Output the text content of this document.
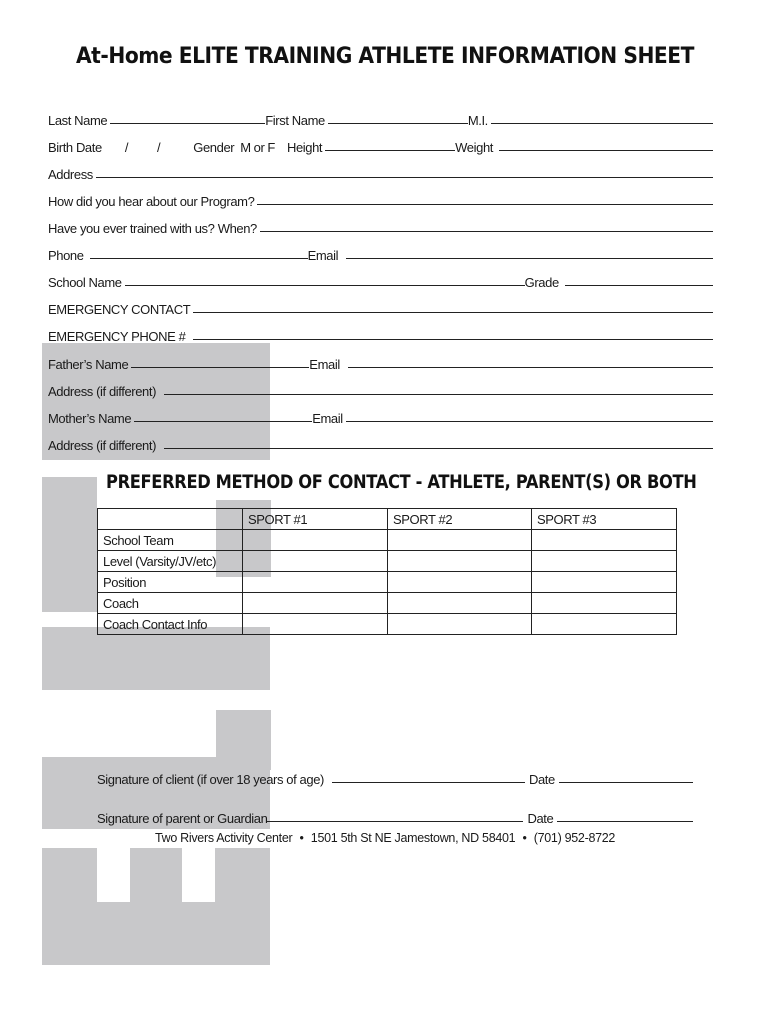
At-Home ELITE TRAINING ATHLETE INFORMATION SHEET
Last Name	First Name	M.I.
Birth Date	/	/	Gender M or F Height	Weight
Address
How did you hear about our Program?
Have you ever trained with us? When?
Phone	Email
School Name	Grade
EMERGENCY CONTACT
EMERGENCY PHONE #
Father’s Name	Email
Address (if different)
Mother’s Name	Email
Address (if different)
PREFERRED METHOD OF CONTACT - ATHLETE, PARENT(S) OR BOTH
	SPORT #1	SPORT #2	SPORT #3
School Team			
Level (Varsity/JV/etc)			
Position			
Coach			
Coach Contact Info			
Signature of client (if over 18 years of age)	Date
Signature of parent or Guardian	Date
Two Rivers Activity Center • 1501 5th St NE Jamestown, ND 58401 • (701) 952-8722
